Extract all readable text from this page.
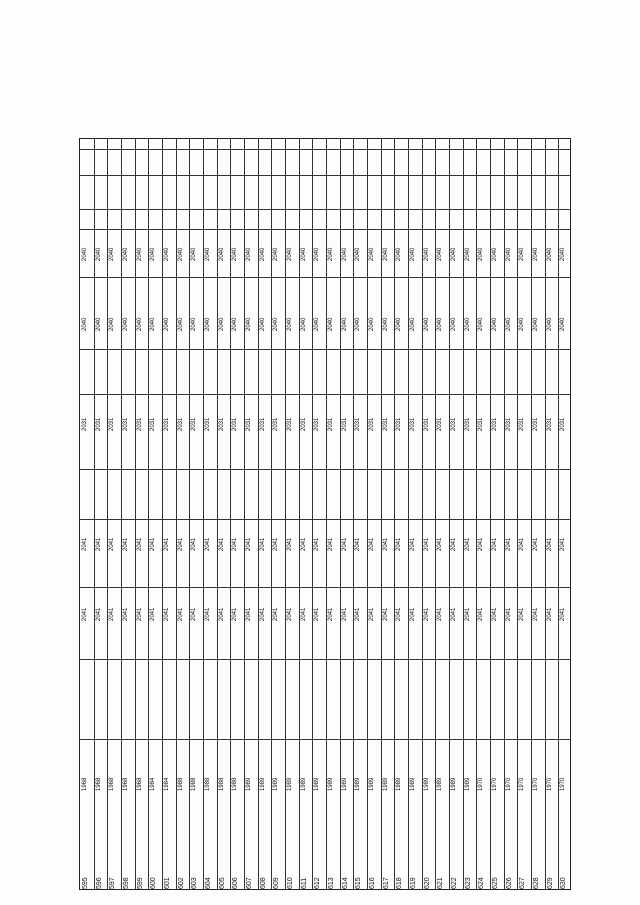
595 596 597 598 599 600 601 602 603 604 605 606 607 608 609 610 611 612 613 614 615 616 617 618 619 620 621 622 623 624 625 626 627 628 629 630
1968 1968 1968 1968 1968 1984 1984 1988 1988 1988 1988 1988 1989 1989 1989 1989 1989 1989 1989 1989 1989 1989 1989 1989 1989 1989 1989 1989 1989 1970 1970 1970 1970 1970 1970 1970
2041 2041 2041 2041 2041 2041 2041 2041 2041 2041 2041 2041 2041 2041 2041 2041 2041 2041 2041 2041 2041 2041 2041 2041 2041 2041 2041 2041 2041 2041 2041 2041 2041 2041 2041 2041
2041 2041 2041 2041 2041 2041 2041 2041 2041 2041 2041 2041 2041 2041 2041 2041 2041 2041 2041 2041 2041 2041 2041 2041 2041 2041 2041 2041 2041 2041 2041 2041 2041 2041 2041 2041
2031 2031 2031 2031 2031 2031 2031 2031 2031 2031 2031 2031 2031 2031 2031 2031 2031 2031 2031 2031 2031 2031 2031 2031 2031 2031 2031 2031 2031 2031 2031 2031 2031 2031 2031 2031
2040 2040 2040 2040 2040 2040 2040 2040 2040 2040 2040 2040 2040 2040 2040 2040 2040 2040 2040 2040 2040 2040 2040 2040 2040 2040 2040 2040 2040 2040 2040 2040 2040 2040 2040 2040
2040 2040 2040 2040 2040 2040 2040 2040 2040 2040 2040 2040 2040 2040 2040 2040 2040 2040 2040 2040 2040 2040 2040 2040 2040 2040 2040 2040 2040 2040 2040 2040 2040 2040 2040 2040
